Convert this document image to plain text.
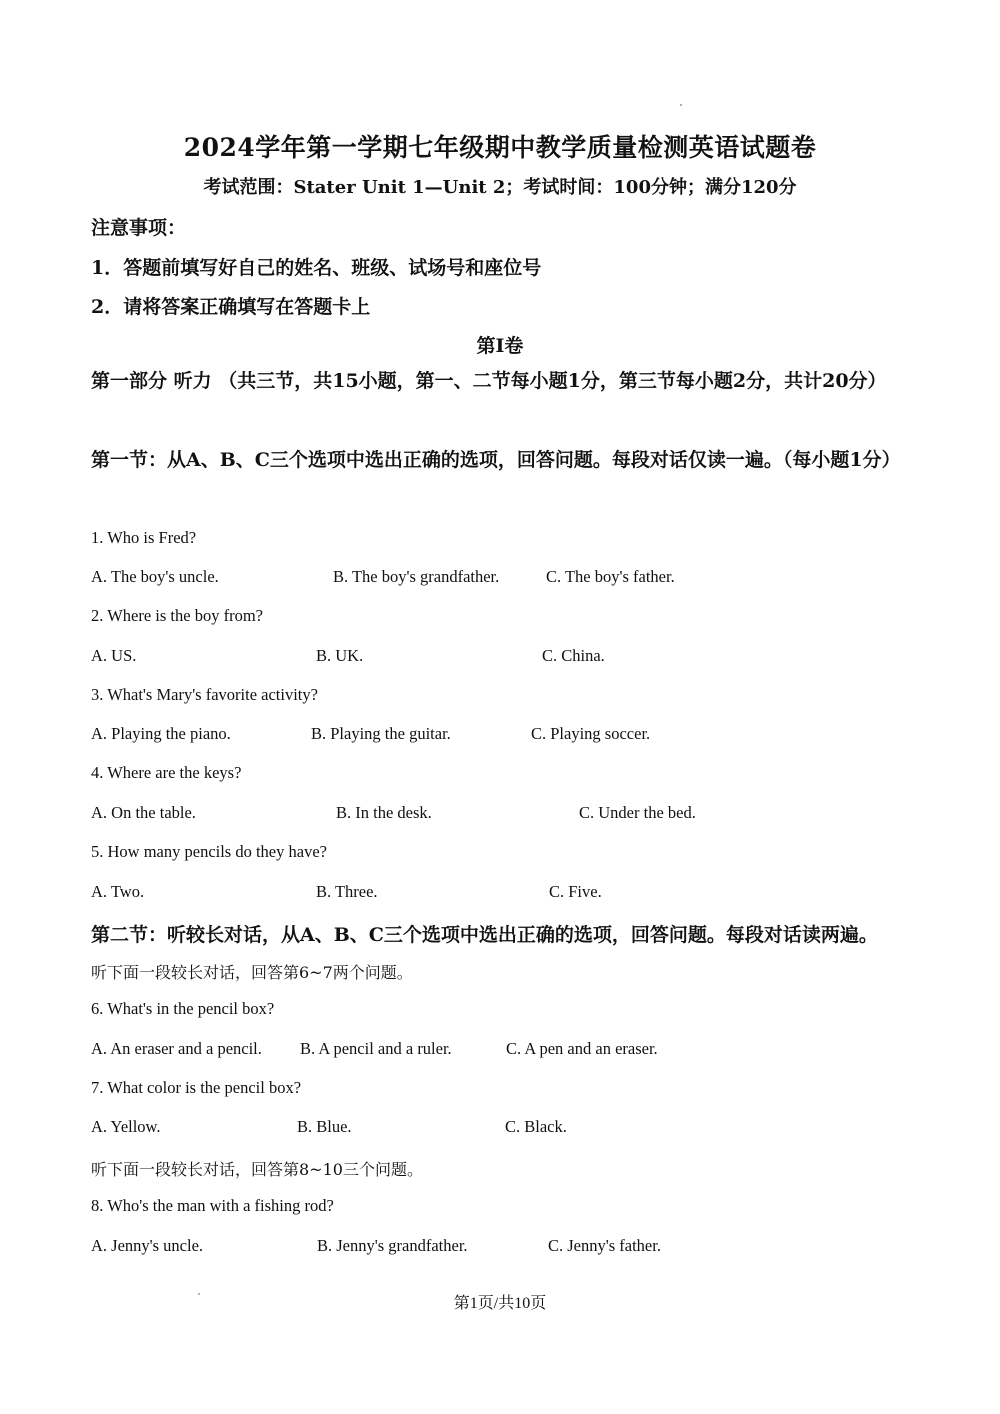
2024学年第一学期七年级期中教学质量检测英语试题卷
考试范围：Stater Unit 1—Unit 2；考试时间：100分钟；满分120分
注意事项：
1．答题前填写好自己的姓名、班级、试场号和座位号
2．请将答案正确填写在答题卡上
第I卷
第一部分 听力 （共三节，共15小题，第一、二节每小题1分，第三节每小题2分，共计20分）
第一节：从A、B、C三个选项中选出正确的选项，回答问题。每段对话仅读一遍。（每小题1分）
1. Who is Fred?
A. The boy's uncle.	B. The boy's grandfather.	C. The boy's father.
2. Where is the boy from?
A. US.	B. UK.	C. China.
3. What's Mary's favorite activity?
A. Playing the piano.	B. Playing the guitar.	C. Playing soccer.
4. Where are the keys?
A. On the table.	B. In the desk.	C. Under the bed.
5. How many pencils do they have?
A. Two.	B. Three.	C. Five.
第二节：听较长对话，从A、B、C三个选项中选出正确的选项，回答问题。每段对话读两遍。
听下面一段较长对话，回答第6~7两个问题。
6. What's in the pencil box?
A. An eraser and a pencil. B. A pencil and a ruler.	C. A pen and an eraser.
7. What color is the pencil box?
A. Yellow.	B. Blue.	C. Black.
听下面一段较长对话，回答第8~10三个问题。
8. Who's the man with a fishing rod?
A. Jenny's uncle.	B. Jenny's grandfather.	C. Jenny's father.
第1页/共10页
